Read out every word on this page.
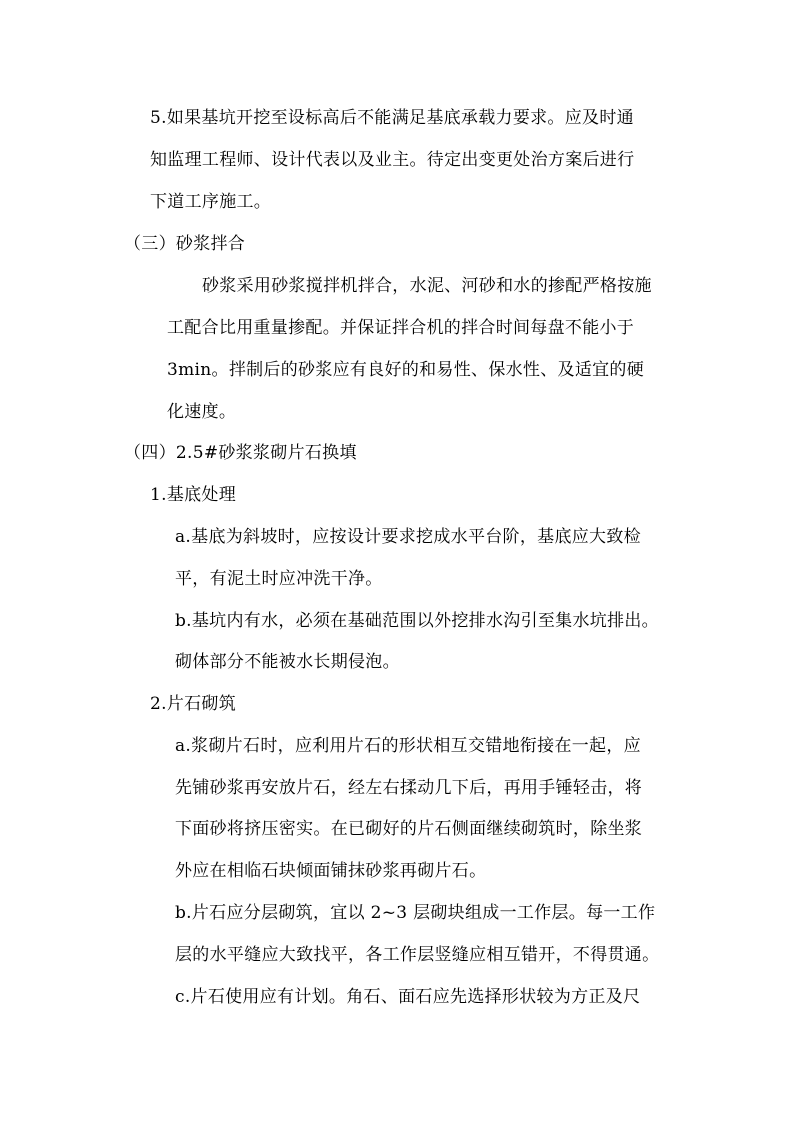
5.如果基坑开挖至设标高后不能满足基底承载力要求。应及时通
知监理工程师、设计代表以及业主。待定出变更处治方案后进行
下道工序施工。
（三）砂浆拌合
砂浆采用砂浆搅拌机拌合，水泥、河砂和水的掺配严格按施
工配合比用重量掺配。并保证拌合机的拌合时间每盘不能小于
3min。拌制后的砂浆应有良好的和易性、保水性、及适宜的硬
化速度。
（四）2.5#砂浆浆砌片石换填
1.基底处理
a.基底为斜坡时，应按设计要求挖成水平台阶，基底应大致检
平，有泥土时应冲洗干净。
b.基坑内有水，必须在基础范围以外挖排水沟引至集水坑排出。
砌体部分不能被水长期侵泡。
2.片石砌筑
a.浆砌片石时，应利用片石的形状相互交错地衔接在一起，应
先铺砂浆再安放片石，经左右揉动几下后，再用手锤轻击，将
下面砂将挤压密实。在已砌好的片石侧面继续砌筑时，除坐浆
外应在相临石块倾面铺抹砂浆再砌片石。
b.片石应分层砌筑，宜以 2~3 层砌块组成一工作层。每一工作
层的水平缝应大致找平，各工作层竖缝应相互错开，不得贯通。
c.片石使用应有计划。角石、面石应先选择形状较为方正及尺
